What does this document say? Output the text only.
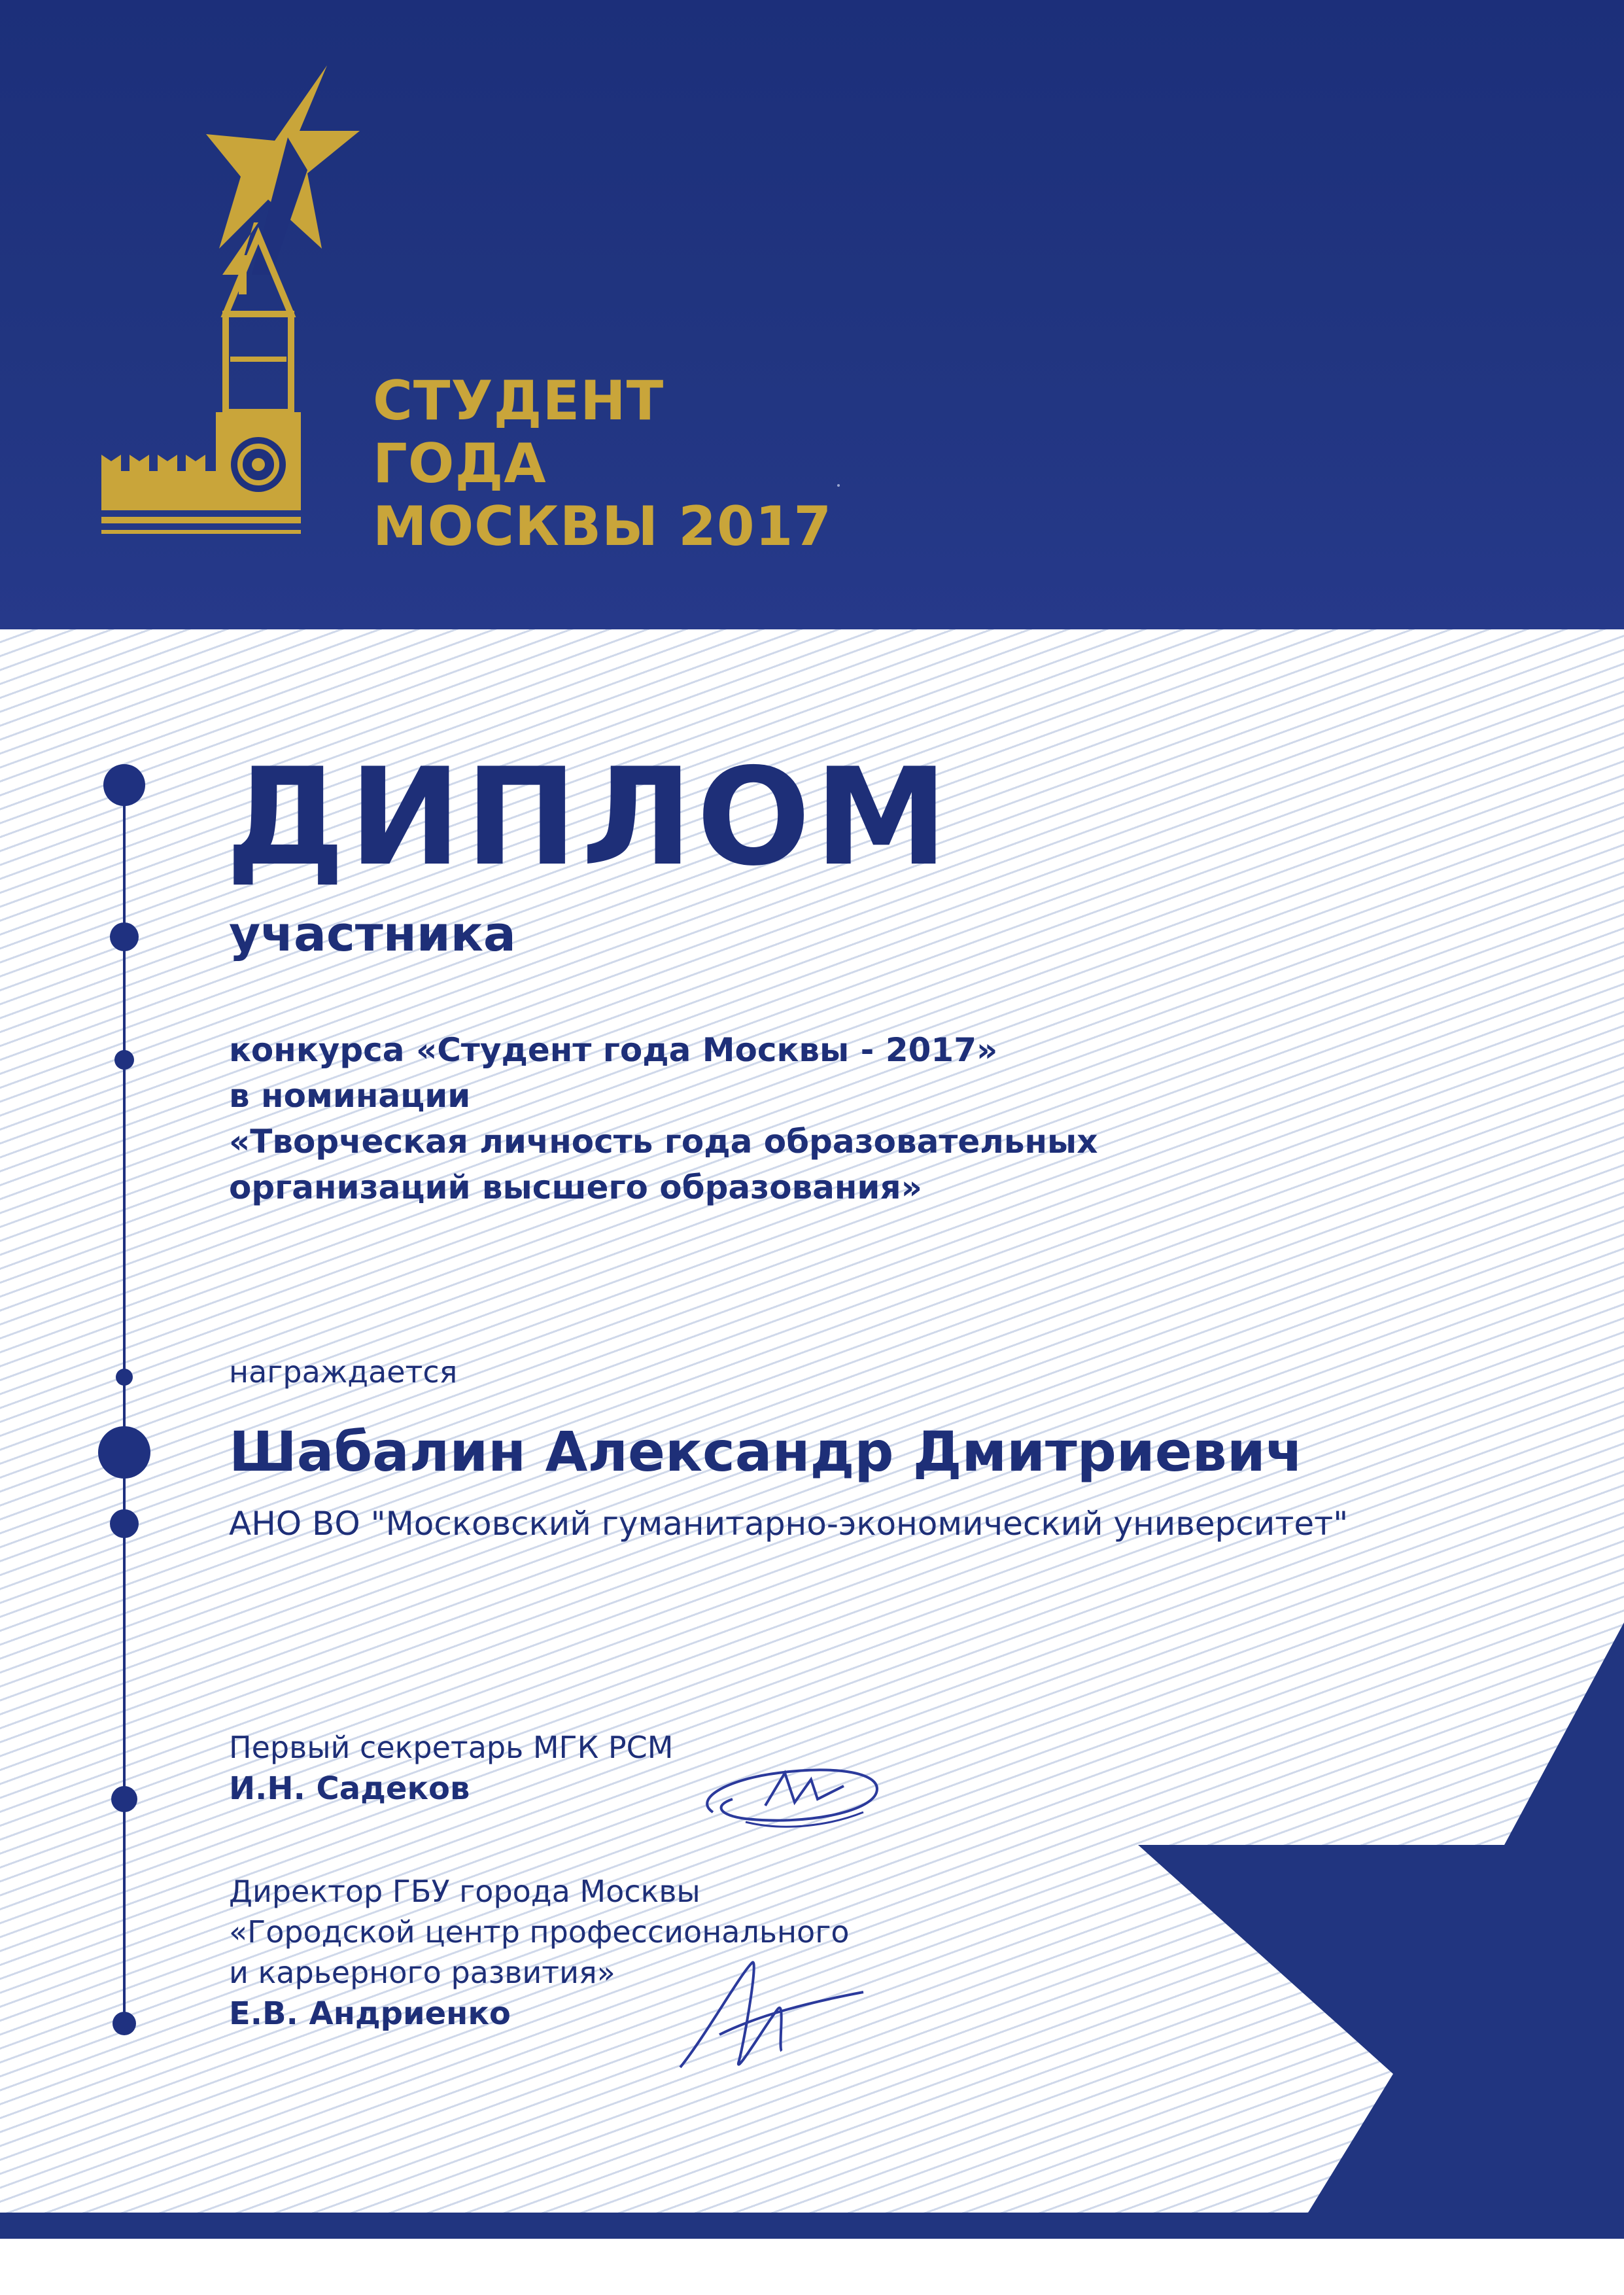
СТУДЕНТ
ГОДА
МОСКВЫ 2017
ДИПЛОМ
участника
конкурса «Студент года Москвы - 2017»
в номинации
«Творческая личность года образовательных
организаций высшего образования»
награждается
Шабалин Александр Дмитриевич
АНО ВО "Московский гуманитарно-экономический университет"
Первый секретарь МГК РСМ
И.Н. Садеков
Директор ГБУ города Москвы
«Городской центр профессионального
и карьерного развития»
Е.В. Андриенко
